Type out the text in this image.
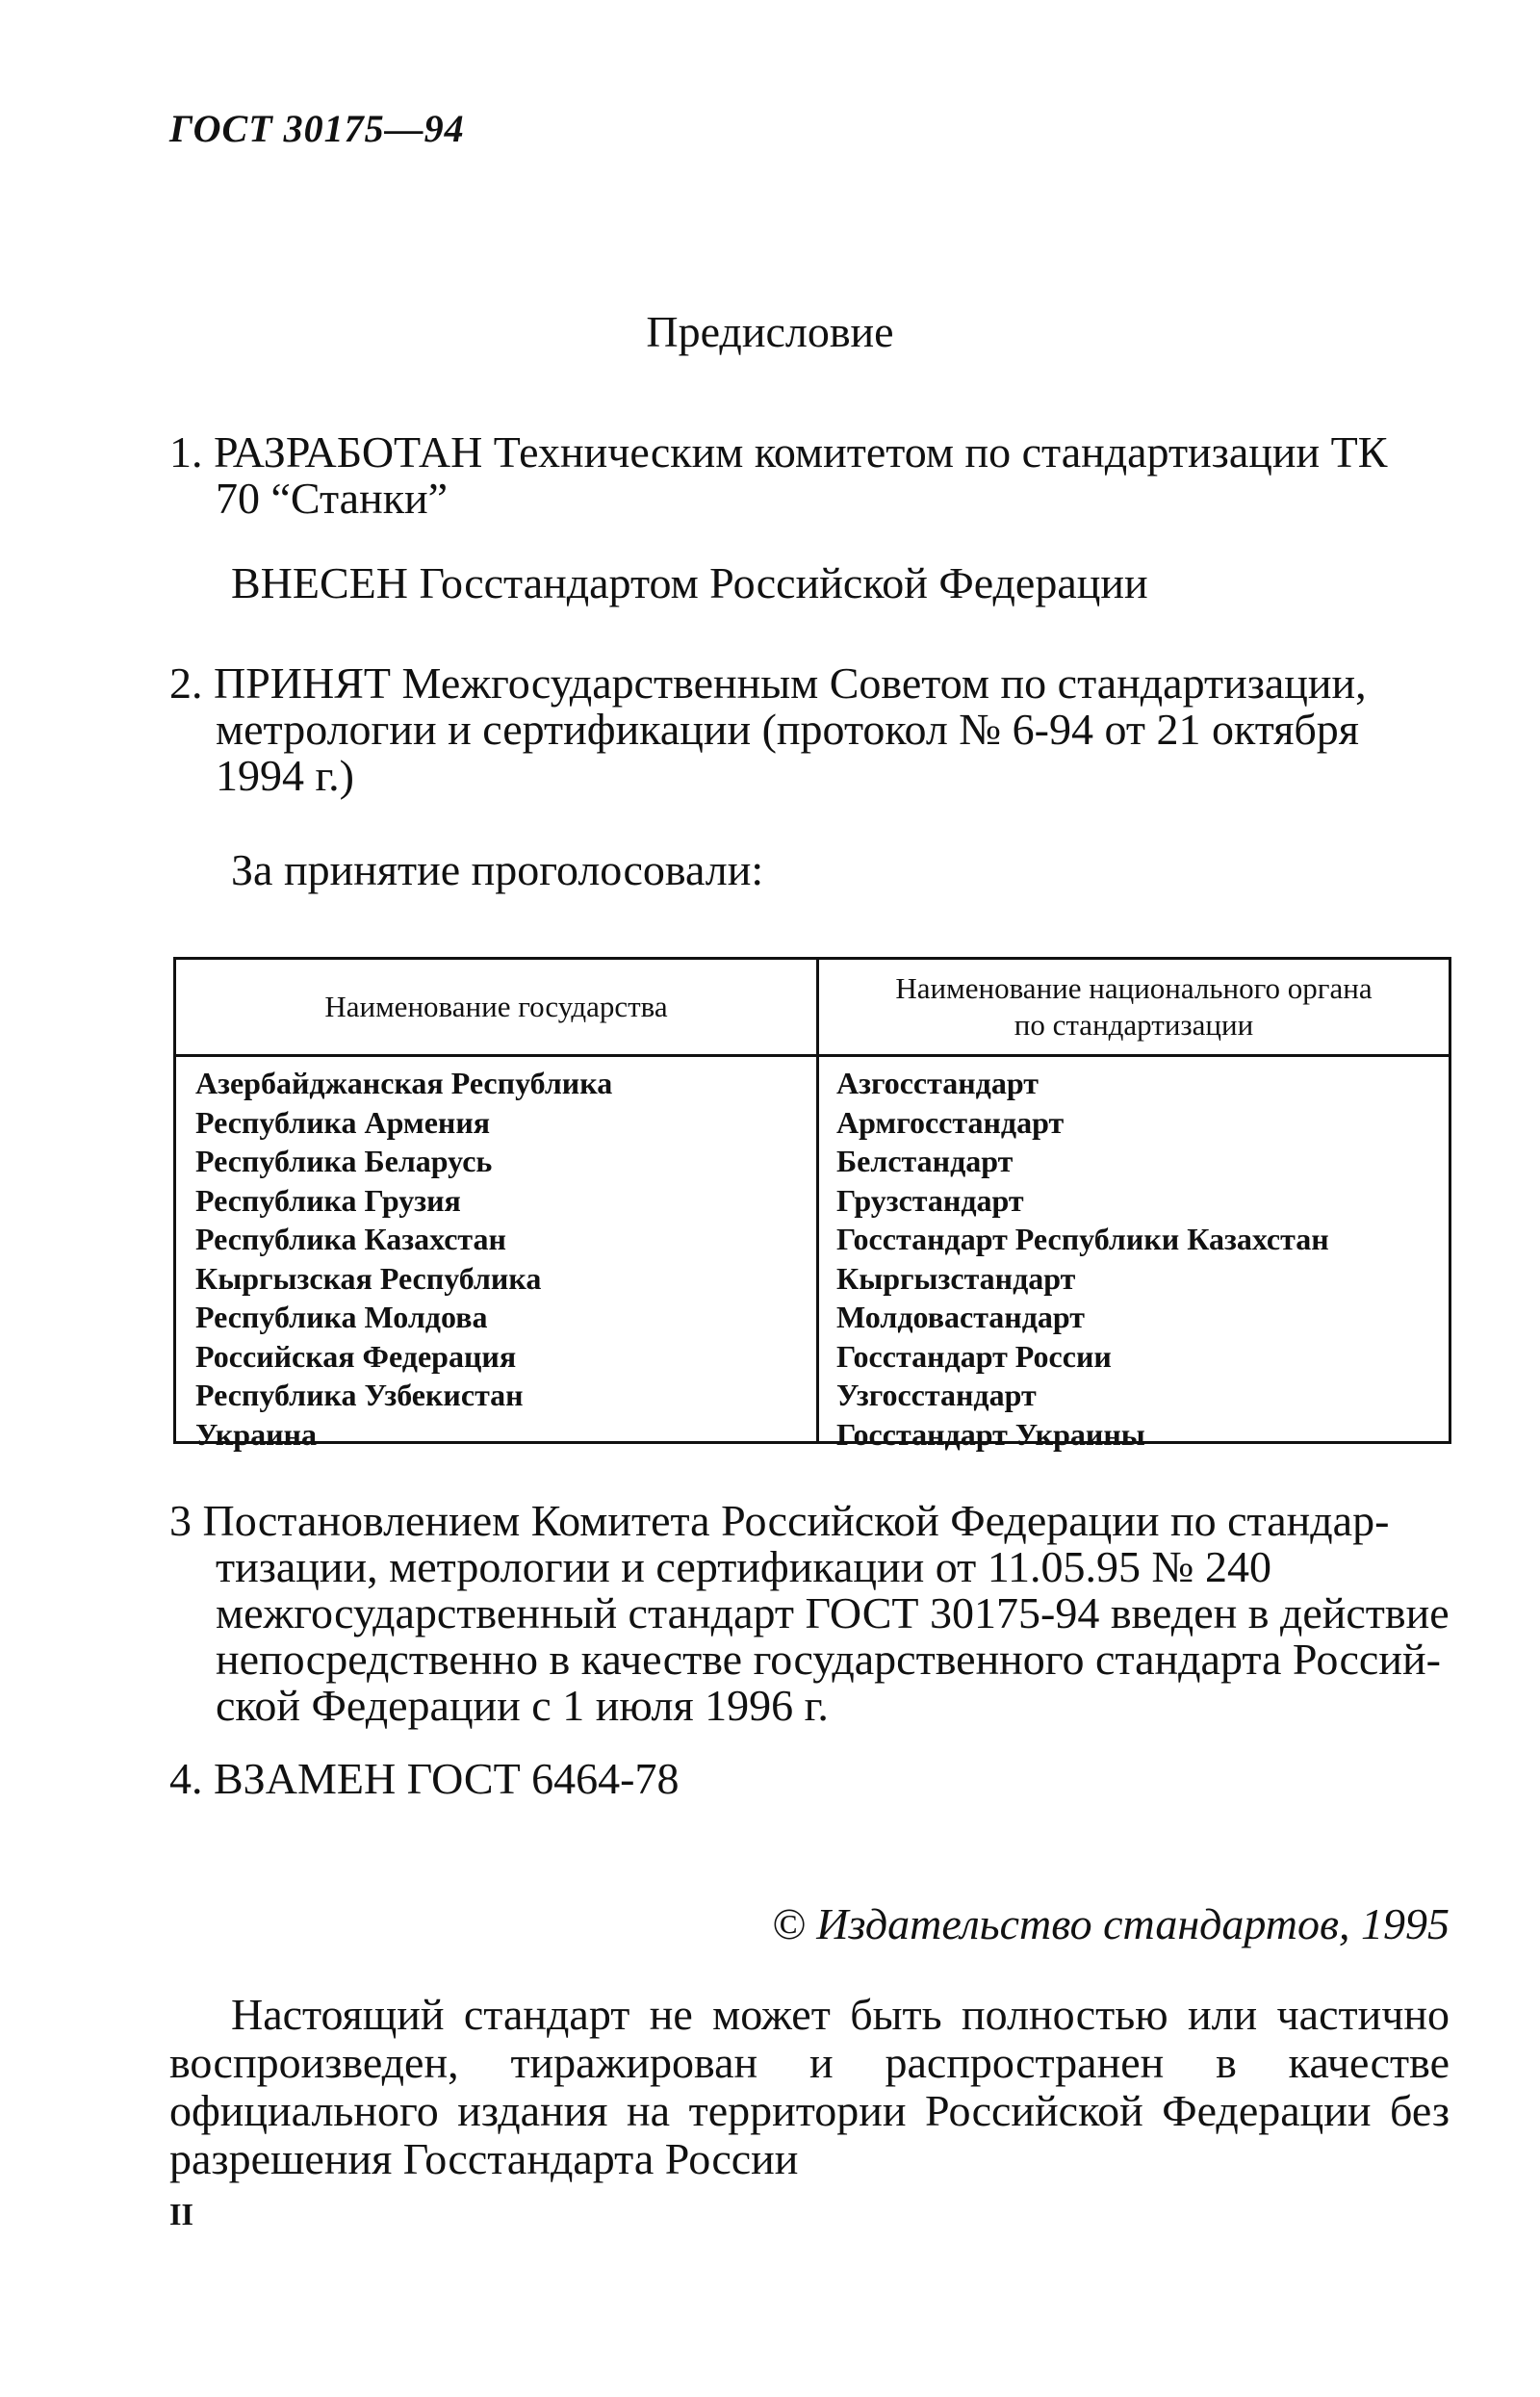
ГОСТ 30175—94
Предисловие
1. РАЗРАБОТАН Техническим комитетом по стандартизации ТК
70 “Станки”
ВНЕСЕН Госстандартом Российской Федерации
2. ПРИНЯТ Межгосударственным Советом по стандартизации,
метрологии и сертификации (протокол № 6-94 от 21 октября
1994 г.)
За принятие проголосовали:
Наименование государства
Наименование национального органа
по стандартизации
Азербайджанская Республика
Республика Армения
Республика Беларусь
Республика Грузия
Республика Казахстан
Кыргызская Республика
Республика Молдова
Российская Федерация
Республика Узбекистан
Украина
Азгосстандарт
Армгосстандарт
Белстандарт
Грузстандарт
Госстандарт Республики Казахстан
Кыргызстандарт
Молдовастандарт
Госстандарт России
Узгосстандарт
Госстандарт Украины
3 Постановлением Комитета Российской Федерации по стандар-
тизации, метрологии и сертификации от 11.05.95 № 240
межгосударственный стандарт ГОСТ 30175-94 введен в действие
непосредственно в качестве государственного стандарта Россий-
ской Федерации с 1 июля 1996 г.
4. ВЗАМЕН ГОСТ 6464-78
© Издательство стандартов, 1995
Настоящий стандарт не может быть полностью или частично воспроизведен, тиражирован и распространен в качестве официального издания на территории Российской Федерации без разрешения Госстандарта России
II
